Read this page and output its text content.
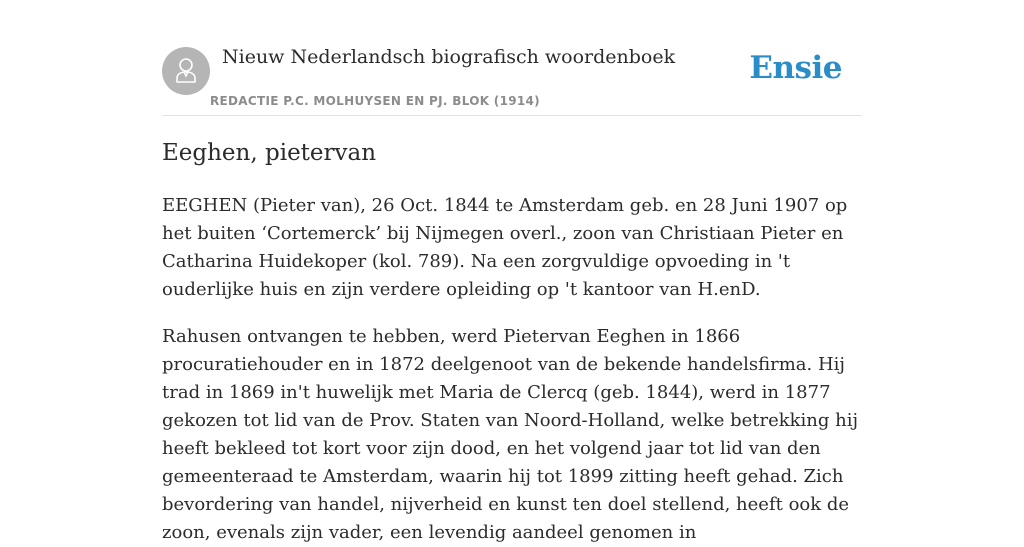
Nieuw Nederlandsch biografisch woordenboek
REDACTIE P.C. MOLHUYSEN EN PJ. BLOK (1914)
Ensie
Eeghen, pietervan

EEGHEN (Pieter van), 26 Oct. 1844 te Amsterdam geb. en 28 Juni 1907 op het buiten ‘Cortemerck’ bij Nijmegen overl., zoon van Christiaan Pieter en Catharina Huidekoper (kol. 789). Na een zorgvuldige opvoeding in 't ouderlijke huis en zijn verdere opleiding op 't kantoor van H.enD.

Rahusen ontvangen te hebben, werd Pietervan Eeghen in 1866 procuratiehouder en in 1872 deelgenoot van de bekende handelsfirma. Hij trad in 1869 in't huwelijk met Maria de Clercq (geb. 1844), werd in 1877 gekozen tot lid van de Prov. Staten van Noord-Holland, welke betrekking hij heeft bekleed tot kort voor zijn dood, en het volgend jaar tot lid van den gemeenteraad te Amsterdam, waarin hij tot 1899 zitting heeft gehad. Zich bevordering van handel, nijverheid en kunst ten doel stellend, heeft ook de zoon, evenals zijn vader, een levendig aandeel genomen in
